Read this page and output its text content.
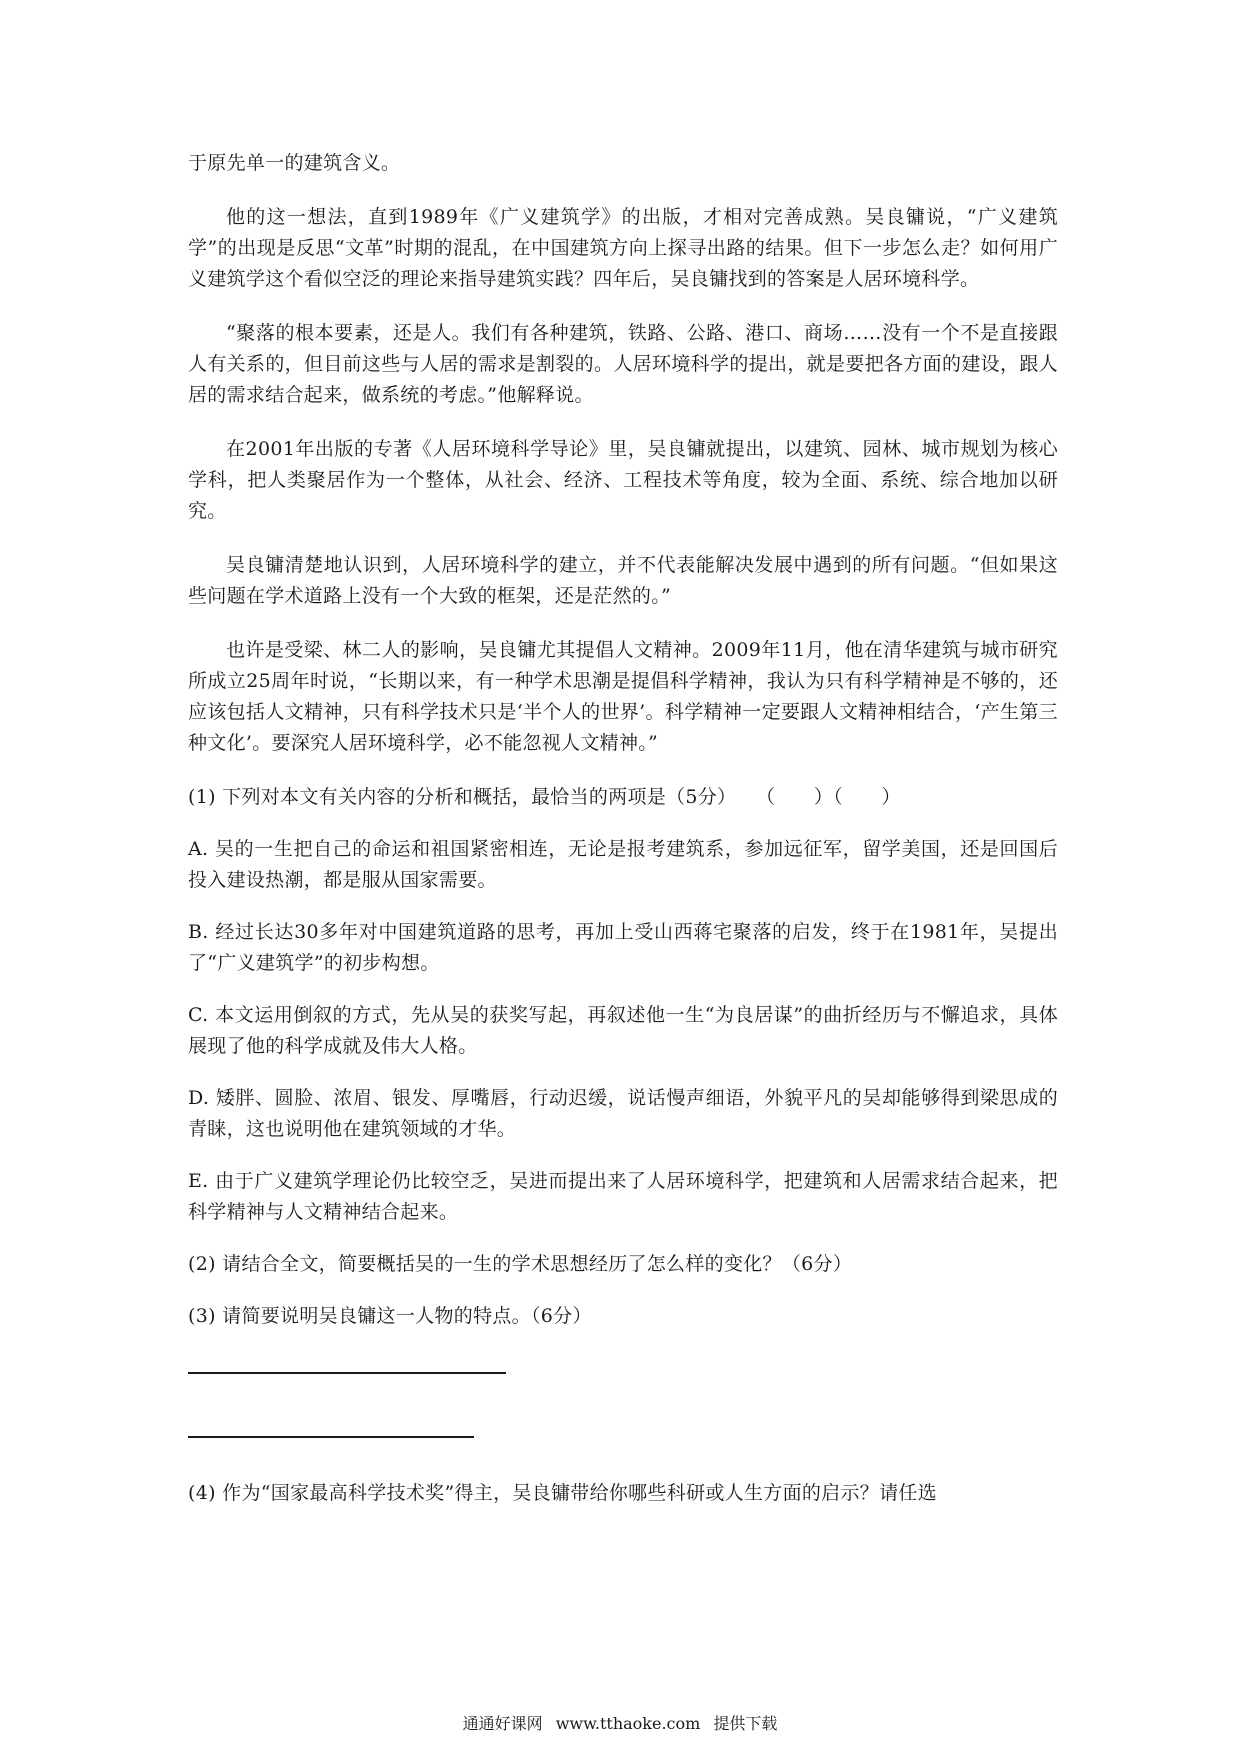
于原先单一的建筑含义。

他的这一想法，直到1989年《广义建筑学》的出版，才相对完善成熟。吴良镛说，“广义建筑学”的出现是反思“文革”时期的混乱，在中国建筑方向上探寻出路的结果。但下一步怎么走？如何用广义建筑学这个看似空泛的理论来指导建筑实践？四年后，吴良镛找到的答案是人居环境科学。

“聚落的根本要素，还是人。我们有各种建筑，铁路、公路、港口、商场……没有一个不是直接跟人有关系的，但目前这些与人居的需求是割裂的。人居环境科学的提出，就是要把各方面的建设，跟人居的需求结合起来，做系统的考虑。”他解释说。

在2001年出版的专著《人居环境科学导论》里，吴良镛就提出，以建筑、园林、城市规划为核心学科，把人类聚居作为一个整体，从社会、经济、工程技术等角度，较为全面、系统、综合地加以研究。

吴良镛清楚地认识到，人居环境科学的建立，并不代表能解决发展中遇到的所有问题。“但如果这些问题在学术道路上没有一个大致的框架，还是茫然的。”

也许是受梁、林二人的影响，吴良镛尤其提倡人文精神。2009年11月，他在清华建筑与城市研究所成立25周年时说，“长期以来，有一种学术思潮是提倡科学精神，我认为只有科学精神是不够的，还应该包括人文精神，只有科学技术只是‘半个人的世界’。科学精神一定要跟人文精神相结合，‘产生第三种文化’。要深究人居环境科学，必不能忽视人文精神。”

(1) 下列对本文有关内容的分析和概括，最恰当的两项是（5分）　　（　　）（　　）

A. 吴的一生把自己的命运和祖国紧密相连，无论是报考建筑系，参加远征军，留学美国，还是回国后投入建设热潮，都是服从国家需要。

B. 经过长达30多年对中国建筑道路的思考，再加上受山西蒋宅聚落的启发，终于在1981年，吴提出了“广义建筑学”的初步构想。

C. 本文运用倒叙的方式，先从吴的获奖写起，再叙述他一生“为良居谋”的曲折经历与不懈追求，具体展现了他的科学成就及伟大人格。

D. 矮胖、圆脸、浓眉、银发、厚嘴唇，行动迟缓，说话慢声细语，外貌平凡的吴却能够得到梁思成的青睐，这也说明他在建筑领域的才华。

E. 由于广义建筑学理论仍比较空乏，吴进而提出来了人居环境科学，把建筑和人居需求结合起来，把科学精神与人文精神结合起来。

(2) 请结合全文，简要概括吴的一生的学术思想经历了怎么样的变化？（6分）

(3) 请简要说明吴良镛这一人物的特点。（6分）

(4) 作为“国家最高科学技术奖”得主，吴良镛带给你哪些科研或人生方面的启示？请任选

通通好课网 www.tthaoke.com 提供下载
